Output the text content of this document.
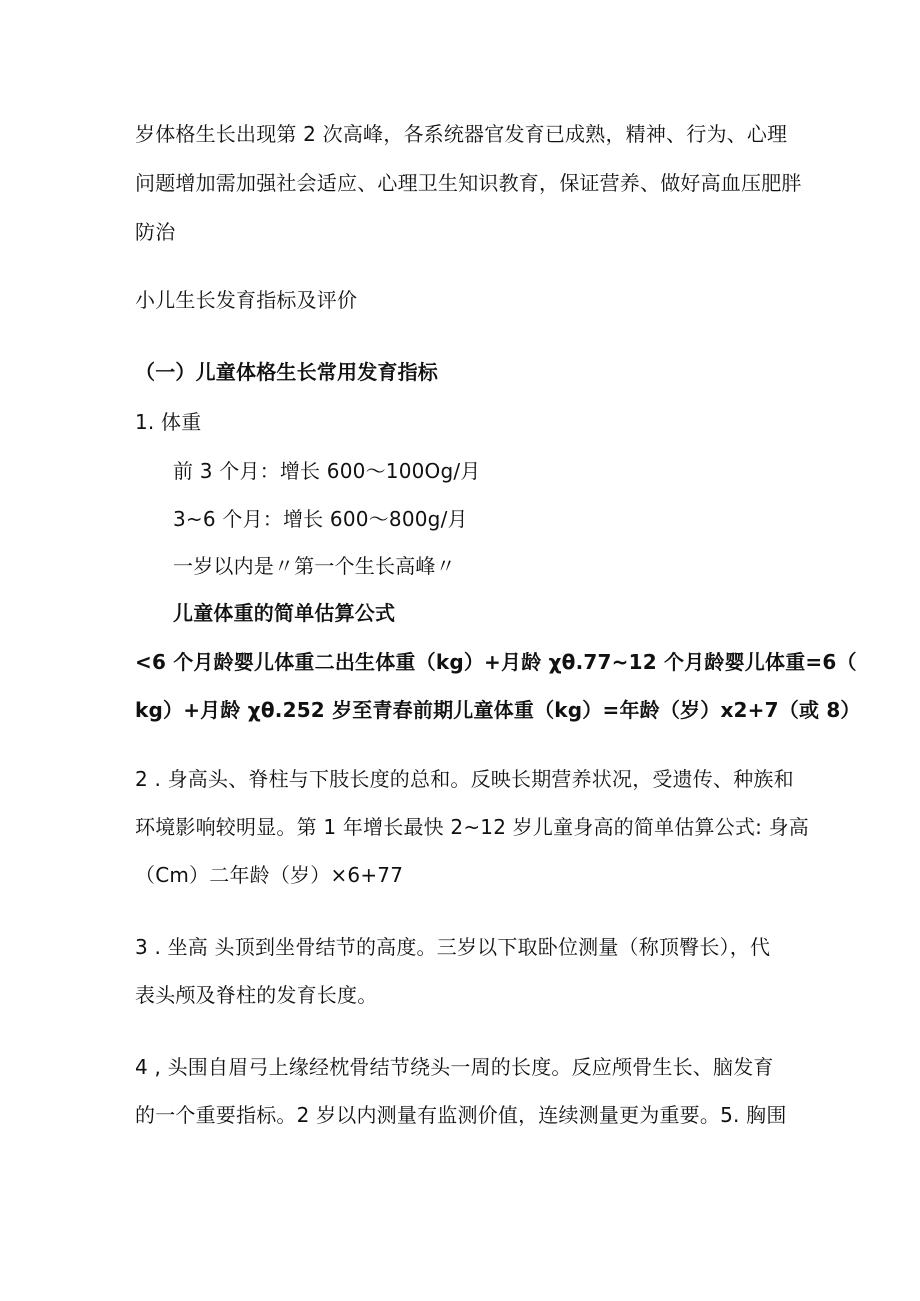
岁体格生长出现第 2 次高峰，各系统器官发育已成熟，精神、行为、心理
问题增加需加强社会适应、心理卫生知识教育，保证营养、做好高血压肥胖
防治
小儿生长发育指标及评价
（一）儿童体格生长常用发育指标
1. 体重
前 3 个月：增长 600～100Og/月
3~6 个月：增长 600～800g/月
一岁以内是〃第一个生长高峰〃
儿童体重的简单估算公式
<6 个月龄婴儿体重二出生体重（kg）+月龄 χθ.77~12 个月龄婴儿体重=6（
kg）+月龄 χθ.252 岁至青春前期儿童体重（kg）=年龄（岁）x2+7（或 8）
2 . 身高头、脊柱与下肢长度的总和。反映长期营养状况，受遗传、种族和
环境影响较明显。第 1 年增长最快 2~12 岁儿童身高的简单估算公式: 身高
（Cm）二年龄（岁）×6+77
3 . 坐高 头顶到坐骨结节的高度。三岁以下取卧位测量（称顶臀长），代
表头颅及脊柱的发育长度。
4 , 头围自眉弓上缘经枕骨结节绕头一周的长度。反应颅骨生长、脑发育
的一个重要指标。2 岁以内测量有监测价值，连续测量更为重要。5. 胸围
